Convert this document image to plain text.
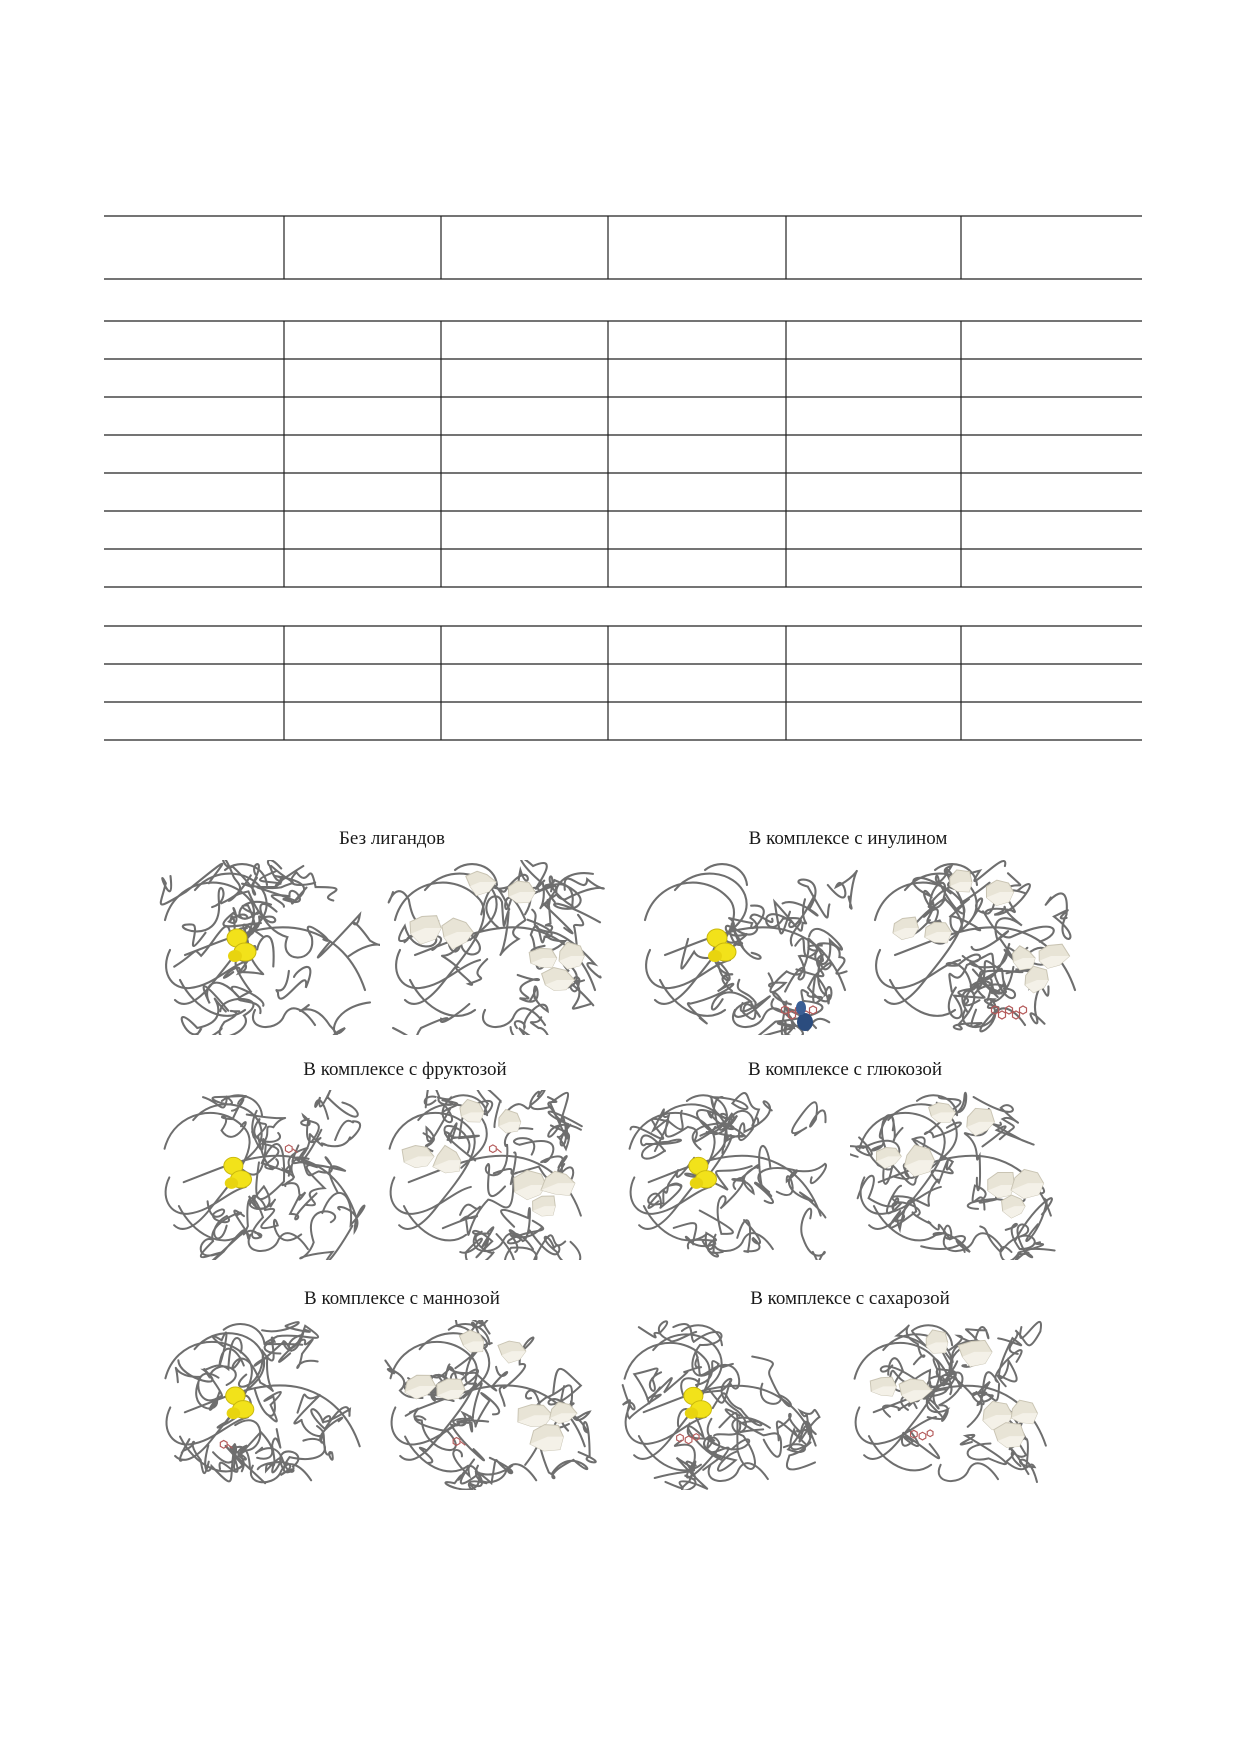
Без лигандов	В комплексе с инулином
В комплексе с фруктозой	В комплексе с глюкозой
В комплексе с маннозой	В комплексе с сахарозой
